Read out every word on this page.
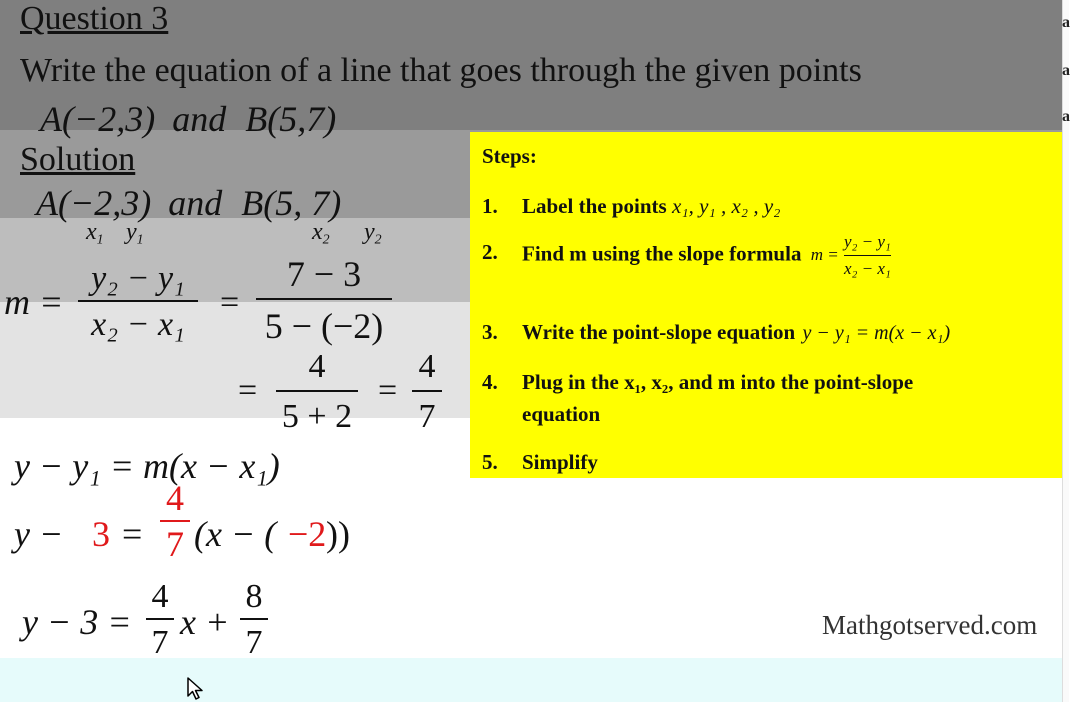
a
a
a
Question 3
Write the equation of a line that goes through the given points
A(−2,3) and B(5,7)
Solution
A(−2,3) and B(5, 7)
$x_1$ $y_1$	$x_2$ $y_2$
m =
y₂ − y₁
x₂ − x₁
=
7 − 3
5 − (−2)
=
4
5 + 2
=
4
7
y − y₁ = m(x − x₁)
y − 3 =
4
7 (x − ( −2 ))
y − 3 =
4
7
x +
8
7
Steps:
1. Label the points x₁, y₁ , x₂ , y₂
2. Find m using the slope formula $m = \frac{\text{y₂ − y₁}}{\text{x₂ − x₁}}$
3. Write the point-slope equation y − y₁ = m(x − x₁)
4. Plug in the x₁, x₂, and m into the point-slope
equation
5. Simplify
Mathgotserved.com
